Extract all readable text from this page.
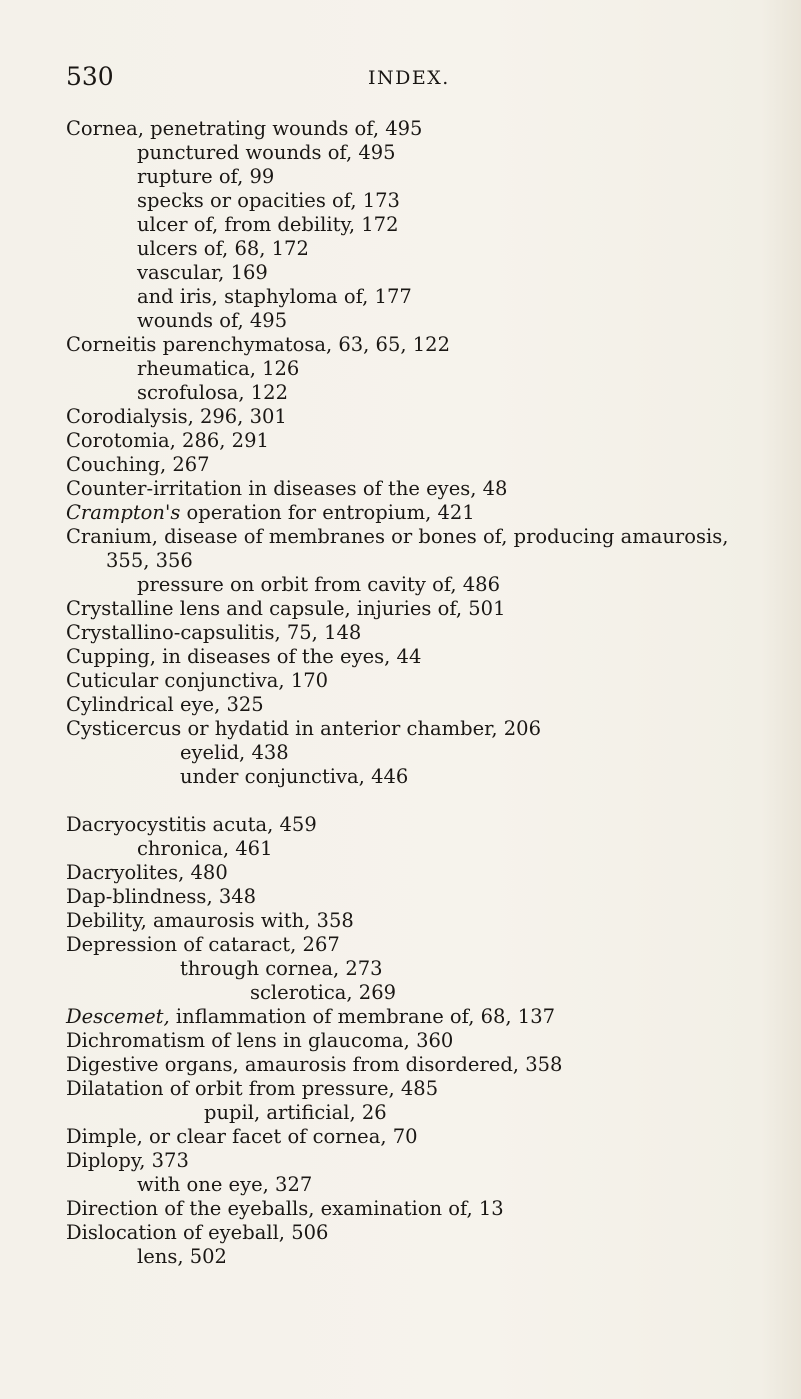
530	INDEX.
Cornea, penetrating wounds of, 495
punctured wounds of, 495
rupture of, 99
specks or opacities of, 173
ulcer of, from debility, 172
ulcers of, 68, 172
vascular, 169
and iris, staphyloma of, 177
wounds of, 495
Corneitis parenchymatosa, 63, 65, 122
rheumatica, 126
scrofulosa, 122
Corodialysis, 296, 301
Corotomia, 286, 291
Couching, 267
Counter-irritation in diseases of the eyes, 48
Crampton's operation for entropium, 421
Cranium, disease of membranes or bones of, producing amaurosis,
355, 356
pressure on orbit from cavity of, 486
Crystalline lens and capsule, injuries of, 501
Crystallino-capsulitis, 75, 148
Cupping, in diseases of the eyes, 44
Cuticular conjunctiva, 170
Cylindrical eye, 325
Cysticercus or hydatid in anterior chamber, 206
eyelid, 438
under conjunctiva, 446
Dacryocystitis acuta, 459
chronica, 461
Dacryolites, 480
Dap-blindness, 348
Debility, amaurosis with, 358
Depression of cataract, 267
through cornea, 273
sclerotica, 269
Descemet, inflammation of membrane of, 68, 137
Dichromatism of lens in glaucoma, 360
Digestive organs, amaurosis from disordered, 358
Dilatation of orbit from pressure, 485
pupil, artificial, 26
Dimple, or clear facet of cornea, 70
Diplopy, 373
with one eye, 327
Direction of the eyeballs, examination of, 13
Dislocation of eyeball, 506
lens, 502
